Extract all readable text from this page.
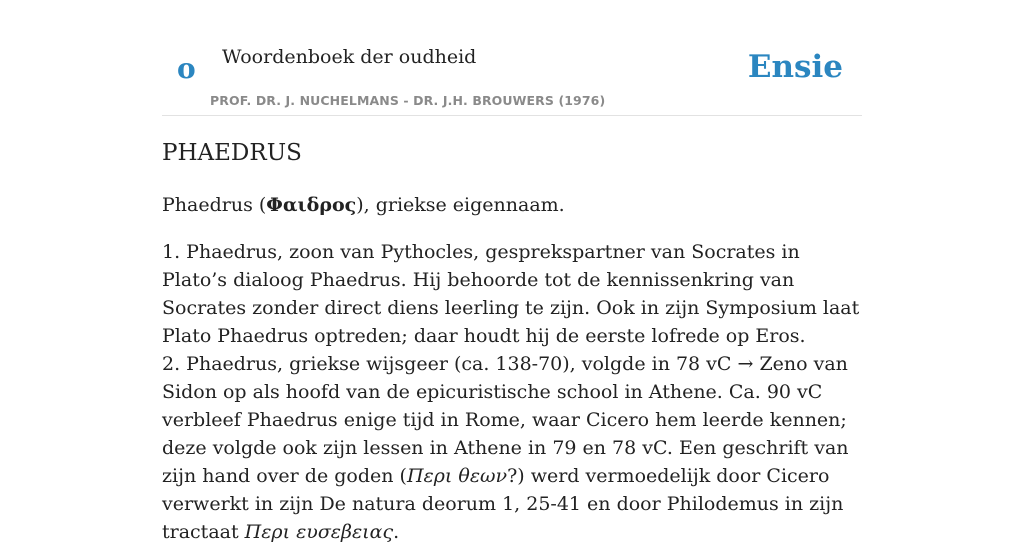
o Woordenboek der oudheid
PROF. DR. J. NUCHELMANS - DR. J.H. BROUWERS (1976)
Ensie
PHAEDRUS

Phaedrus (Φαιδρος), griekse eigennaam.

1. Phaedrus, zoon van Pythocles, gesprekspartner van Socrates in Plato’s dialoog Phaedrus. Hij behoorde tot de kennissenkring van Socrates zonder direct diens leerling te zijn. Ook in zijn Symposium laat Plato Phaedrus optreden; daar houdt hij de eerste lofrede op Eros.

2. Phaedrus, griekse wijsgeer (ca. 138-70), volgde in 78 vC → Zeno van Sidon op als hoofd van de epicuristische school in Athene. Ca. 90 vC verbleef Phaedrus enige tijd in Rome, waar Cicero hem leerde kennen; deze volgde ook zijn lessen in Athene in 79 en 78 vC. Een geschrift van zijn hand over de goden (Περι θεων?) werd vermoedelijk door Cicero verwerkt in zijn De natura deorum 1, 25-41 en door Philodemus in zijn tractaat Περι ευσεβειας.
